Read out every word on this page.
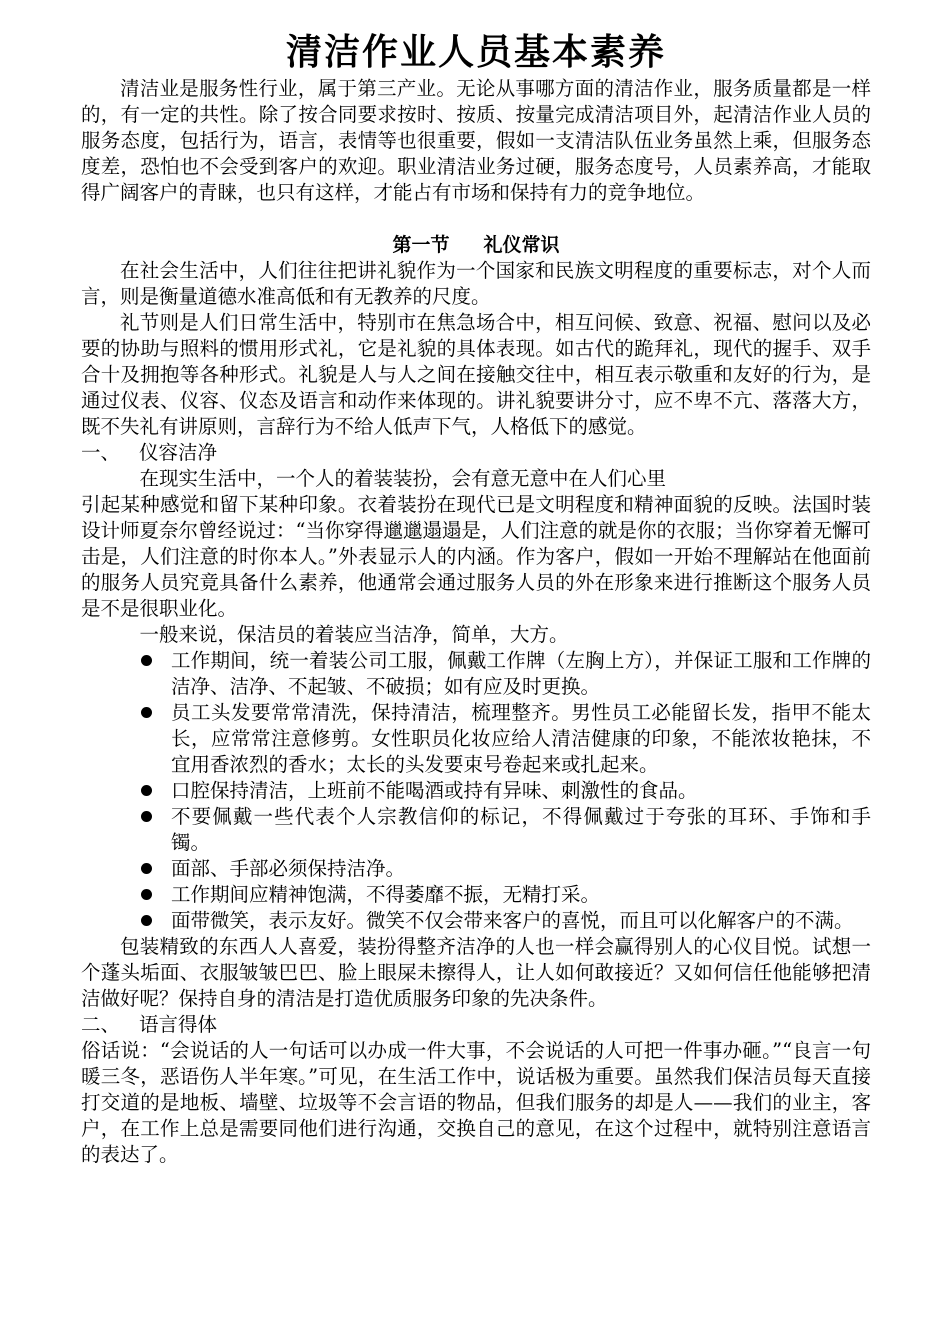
清洁作业人员基本素养

清洁业是服务性行业，属于第三产业。无论从事哪方面的清洁作业，服务质量都是一样的，有一定的共性。除了按合同要求按时、按质、按量完成清洁项目外，起清洁作业人员的服务态度，包括行为，语言，表情等也很重要，假如一支清洁队伍业务虽然上乘，但服务态度差，恐怕也不会受到客户的欢迎。职业清洁业务过硬，服务态度号，人员素养高，才能取得广阔客户的青睐，也只有这样，才能占有市场和保持有力的竞争地位。

第一节 礼仪常识

在社会生活中，人们往往把讲礼貌作为一个国家和民族文明程度的重要标志，对个人而言，则是衡量道德水准高低和有无教养的尺度。

礼节则是人们日常生活中，特别市在焦急场合中，相互问候、致意、祝福、慰问以及必要的协助与照料的惯用形式礼，它是礼貌的具体表现。如古代的跪拜礼，现代的握手、双手合十及拥抱等各种形式。礼貌是人与人之间在接触交往中，相互表示敬重和友好的行为，是通过仪表、仪容、仪态及语言和动作来体现的。讲礼貌要讲分寸，应不卑不亢、落落大方，既不失礼有讲原则，言辞行为不给人低声下气，人格低下的感觉。

一、 仪容洁净

在现实生活中，一个人的着装装扮，会有意无意中在人们心里

引起某种感觉和留下某种印象。衣着装扮在现代已是文明程度和精神面貌的反映。法国时装设计师夏奈尔曾经说过：“当你穿得邋邋遢遢是，人们注意的就是你的衣服；当你穿着无懈可击是，人们注意的时你本人。”外表显示人的内涵。作为客户，假如一开始不理解站在他面前的服务人员究竟具备什么素养，他通常会通过服务人员的外在形象来进行推断这个服务人员是不是很职业化。

一般来说，保洁员的着装应当洁净，简单，大方。

工作期间，统一着装公司工服，佩戴工作牌（左胸上方），并保证工服和工作牌的洁净、洁净、不起皱、不破损；如有应及时更换。
员工头发要常常清洗，保持清洁，梳理整齐。男性员工必能留长发，指甲不能太长，应常常注意修剪。女性职员化妆应给人清洁健康的印象，不能浓妆艳抹，不宜用香浓烈的香水；太长的头发要束号卷起来或扎起来。
口腔保持清洁，上班前不能喝酒或持有异味、刺激性的食品。
不要佩戴一些代表个人宗教信仰的标记，不得佩戴过于夸张的耳环、手饰和手镯。
面部、手部必须保持洁净。
工作期间应精神饱满，不得萎靡不振，无精打采。
面带微笑，表示友好。微笑不仅会带来客户的喜悦，而且可以化解客户的不满。

包装精致的东西人人喜爱，装扮得整齐洁净的人也一样会赢得别人的心仪目悦。试想一个蓬头垢面、衣服皱皱巴巴、脸上眼屎未擦得人，让人如何敢接近？又如何信任他能够把清洁做好呢？保持自身的清洁是打造优质服务印象的先决条件。

二、 语言得体

俗话说：“会说话的人一句话可以办成一件大事，不会说话的人可把一件事办砸。”“良言一句暖三冬，恶语伤人半年寒。”可见，在生活工作中，说话极为重要。虽然我们保洁员每天直接打交道的是地板、墙壁、垃圾等不会言语的物品，但我们服务的却是人——我们的业主，客户，在工作上总是需要同他们进行沟通，交换自己的意见，在这个过程中，就特别注意语言的表达了。
